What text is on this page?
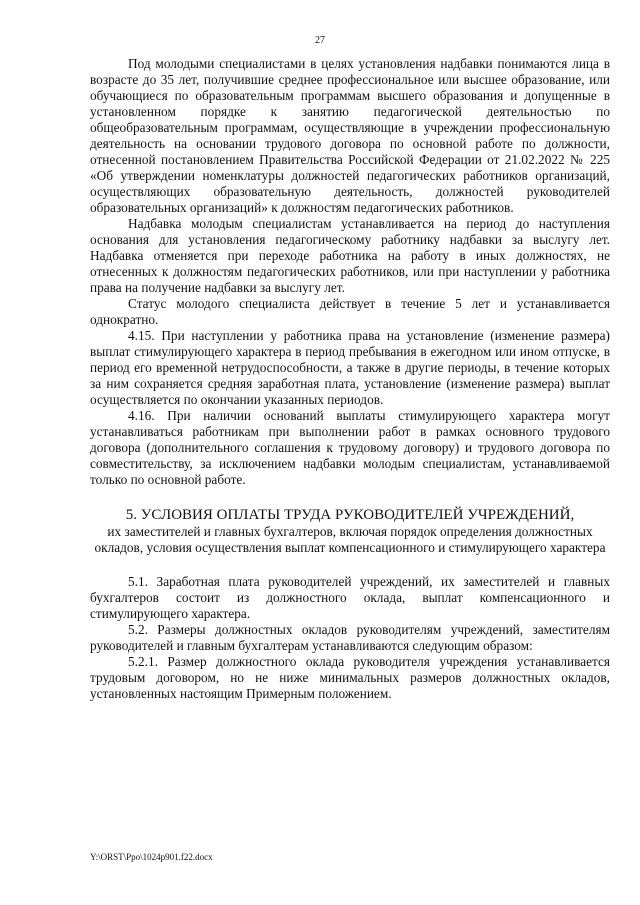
27

Под молодыми специалистами в целях установления надбавки понимаются лица в возрасте до 35 лет, получившие среднее профессиональное или высшее образование, или обучающиеся по образовательным программам высшего образования и допущенные в установленном порядке к занятию педагогической деятельностью по общеобразовательным программам, осуществляющие в учреждении профессиональную деятельность на основании трудового договора по основной работе по должности, отнесенной постановлением Правительства Российской Федерации от 21.02.2022 № 225 «Об утверждении номенклатуры должностей педагогических работников организаций, осуществляющих образовательную деятельность, должностей руководителей образовательных организаций» к должностям педагогических работников.

Надбавка молодым специалистам устанавливается на период до наступления основания для установления педагогическому работнику надбавки за выслугу лет. Надбавка отменяется при переходе работника на работу в иных должностях, не отнесенных к должностям педагогических работников, или при наступлении у работника права на получение надбавки за выслугу лет.

Статус молодого специалиста действует в течение 5 лет и устанавливается однократно.

4.15. При наступлении у работника права на установление (изменение размера) выплат стимулирующего характера в период пребывания в ежегодном или ином отпуске, в период его временной нетрудоспособности, а также в другие периоды, в течение которых за ним сохраняется средняя заработная плата, установление (изменение размера) выплат осуществляется по окончании указанных периодов.

4.16. При наличии оснований выплаты стимулирующего характера могут устанавливаться работникам при выполнении работ в рамках основного трудового договора (дополнительного соглашения к трудовому договору) и трудового договора по совместительству, за исключением надбавки молодым специалистам, устанавливаемой только по основной работе.

5. УСЛОВИЯ ОПЛАТЫ ТРУДА РУКОВОДИТЕЛЕЙ УЧРЕЖДЕНИЙ,
их заместителей и главных бухгалтеров, включая порядок определения должностных окладов, условия осуществления выплат компенсационного и стимулирующего характера

5.1. Заработная плата руководителей учреждений, их заместителей и главных бухгалтеров состоит из должностного оклада, выплат компенсационного и стимулирующего характера.

5.2. Размеры должностных окладов руководителям учреждений, заместителям руководителей и главным бухгалтерам устанавливаются следующим образом:

5.2.1. Размер должностного оклада руководителя учреждения устанавливается трудовым договором, но не ниже минимальных размеров должностных окладов, установленных настоящим Примерным положением.

Y:\ORST\Ppo\1024p901.f22.docx
